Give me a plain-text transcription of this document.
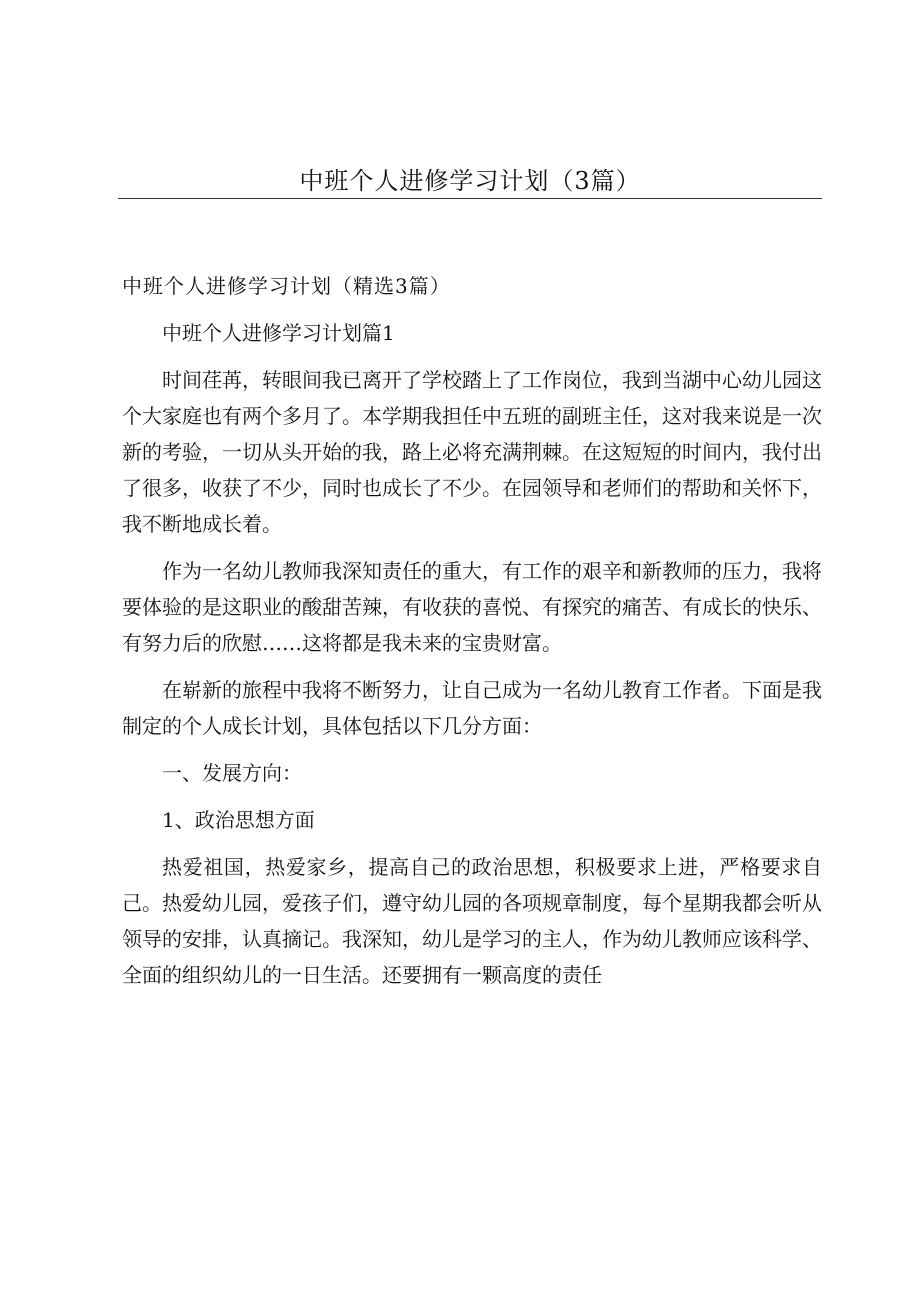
中班个人进修学习计划（3篇）

中班个人进修学习计划（精选3篇）

中班个人进修学习计划篇1

时间荏苒，转眼间我已离开了学校踏上了工作岗位，我到当湖中心幼儿园这个大家庭也有两个多月了。本学期我担任中五班的副班主任，这对我来说是一次新的考验，一切从头开始的我，路上必将充满荆棘。在这短短的时间内，我付出了很多，收获了不少，同时也成长了不少。在园领导和老师们的帮助和关怀下，我不断地成长着。

作为一名幼儿教师我深知责任的重大，有工作的艰辛和新教师的压力，我将要体验的是这职业的酸甜苦辣，有收获的喜悦、有探究的痛苦、有成长的快乐、有努力后的欣慰……这将都是我未来的宝贵财富。

在崭新的旅程中我将不断努力，让自己成为一名幼儿教育工作者。下面是我制定的个人成长计划，具体包括以下几分方面：

一、发展方向：

1、政治思想方面

热爱祖国，热爱家乡，提高自己的政治思想，积极要求上进，严格要求自己。热爱幼儿园，爱孩子们，遵守幼儿园的各项规章制度，每个星期我都会听从领导的安排，认真摘记。我深知，幼儿是学习的主人，作为幼儿教师应该科学、全面的组织幼儿的一日生活。还要拥有一颗高度的责任
